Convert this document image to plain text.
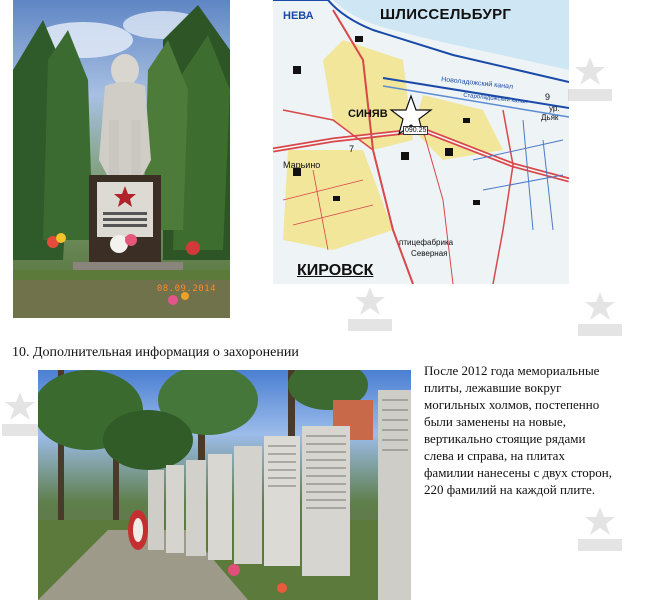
08.09.2014
ШЛИССЕЛЬБУРГ
НЕВА
СИНЯВ
Марьино
7
9
090.25
Новоладожский канал
Староладожский канал
ур.
Дьяк
птицефабрика
Северная
КИРОВСК
10. Дополнительная информация о захоронении
После 2012 года мемориальные плиты, лежавшие вокруг могильных холмов, постепенно были заменены на новые, вертикально стоящие рядами слева и справа, на плитах фамилии нанесены с двух сторон, 220 фамилий на каждой плите.
